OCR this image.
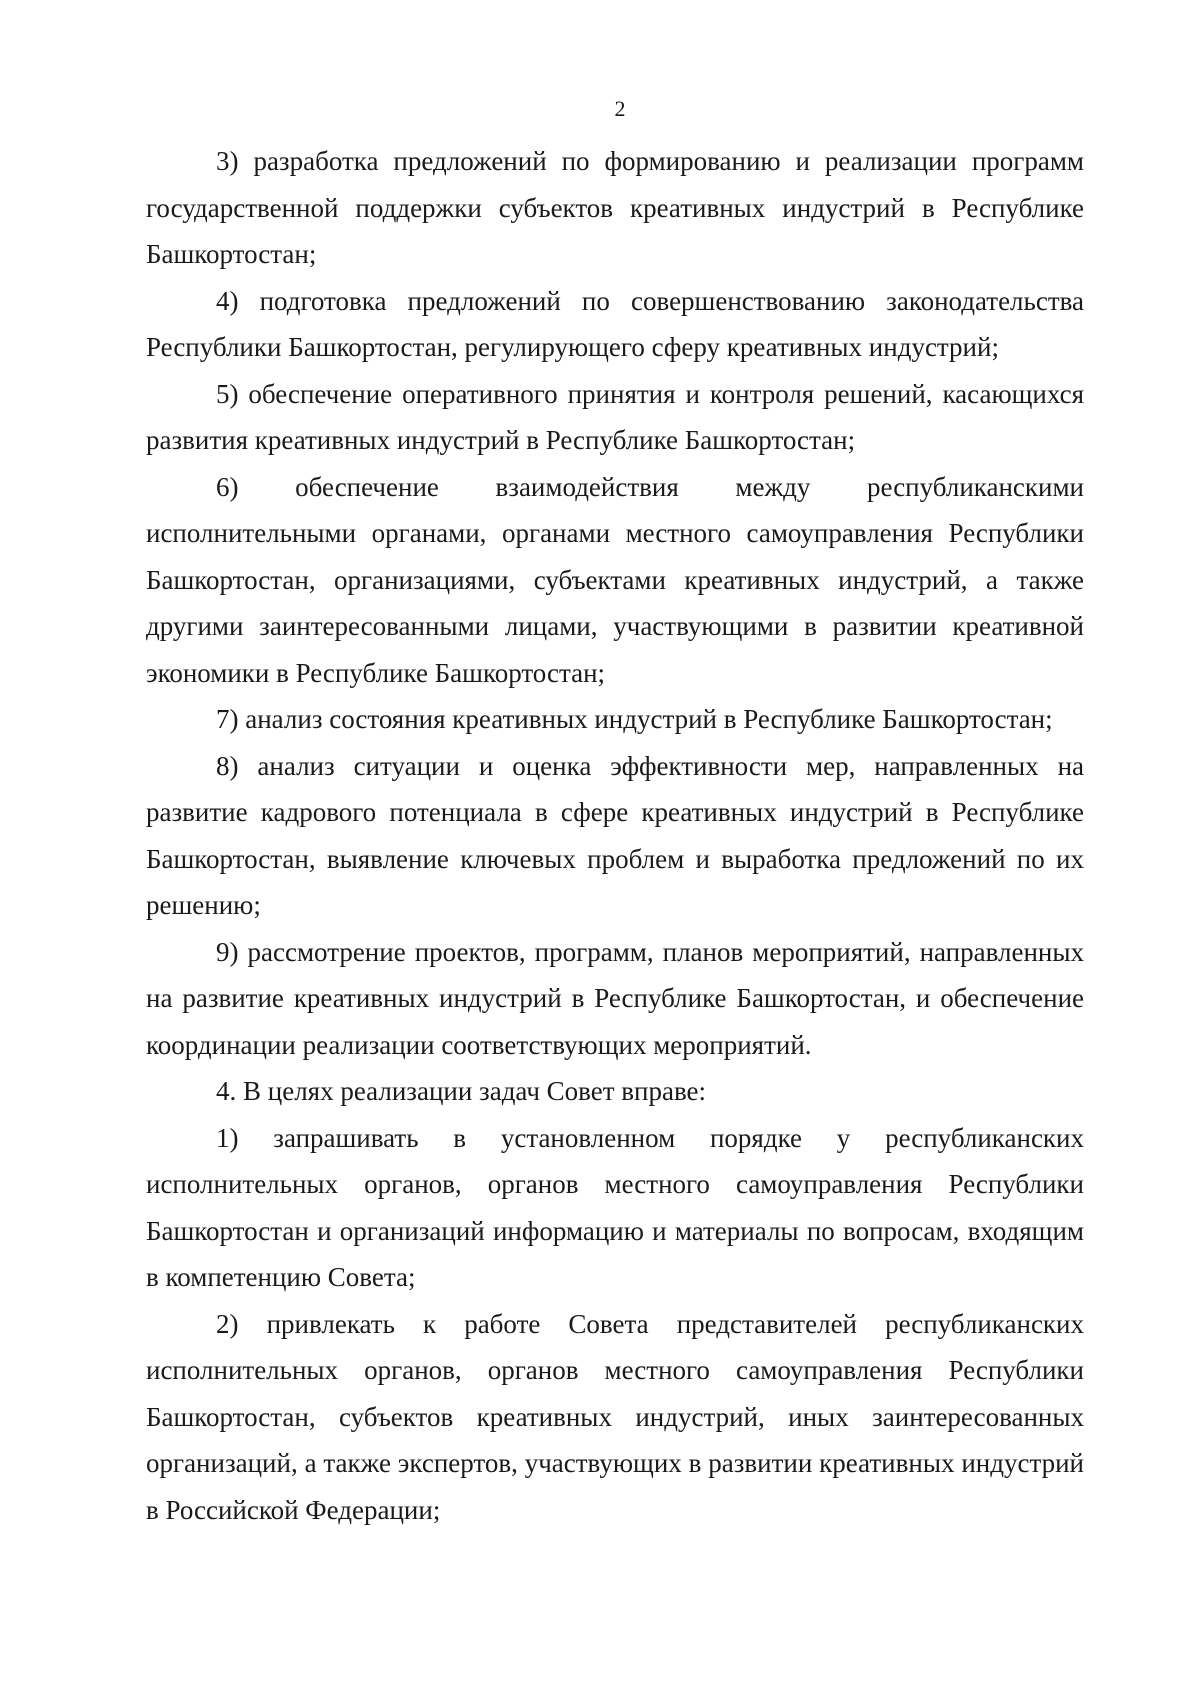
2

3) разработка предложений по формированию и реализации программ государственной поддержки субъектов креативных индустрий в Республике Башкортостан;

4) подготовка предложений по совершенствованию законодательства Республики Башкортостан, регулирующего сферу креативных индустрий;

5) обеспечение оперативного принятия и контроля решений, касающихся развития креативных индустрий в Республике Башкортостан;

6) обеспечение взаимодействия между республиканскими исполнительными органами, органами местного самоуправления Республики Башкортостан, организациями, субъектами креативных индустрий, а также другими заинтересованными лицами, участвующими в развитии креативной экономики в Республике Башкортостан;

7) анализ состояния креативных индустрий в Республике Башкортостан;

8) анализ ситуации и оценка эффективности мер, направленных на развитие кадрового потенциала в сфере креативных индустрий в Республике Башкортостан, выявление ключевых проблем и выработка предложений по их решению;

9) рассмотрение проектов, программ, планов мероприятий, направленных на развитие креативных индустрий в Республике Башкортостан, и обеспечение координации реализации соответствующих мероприятий.

4. В целях реализации задач Совет вправе:

1) запрашивать в установленном порядке у республиканских исполнительных органов, органов местного самоуправления Республики Башкортостан и организаций информацию и материалы по вопросам, входящим в компетенцию Совета;

2) привлекать к работе Совета представителей республиканских исполнительных органов, органов местного самоуправления Республики Башкортостан, субъектов креативных индустрий, иных заинтересованных организаций, а также экспертов, участвующих в развитии креативных индустрий в Российской Федерации;
